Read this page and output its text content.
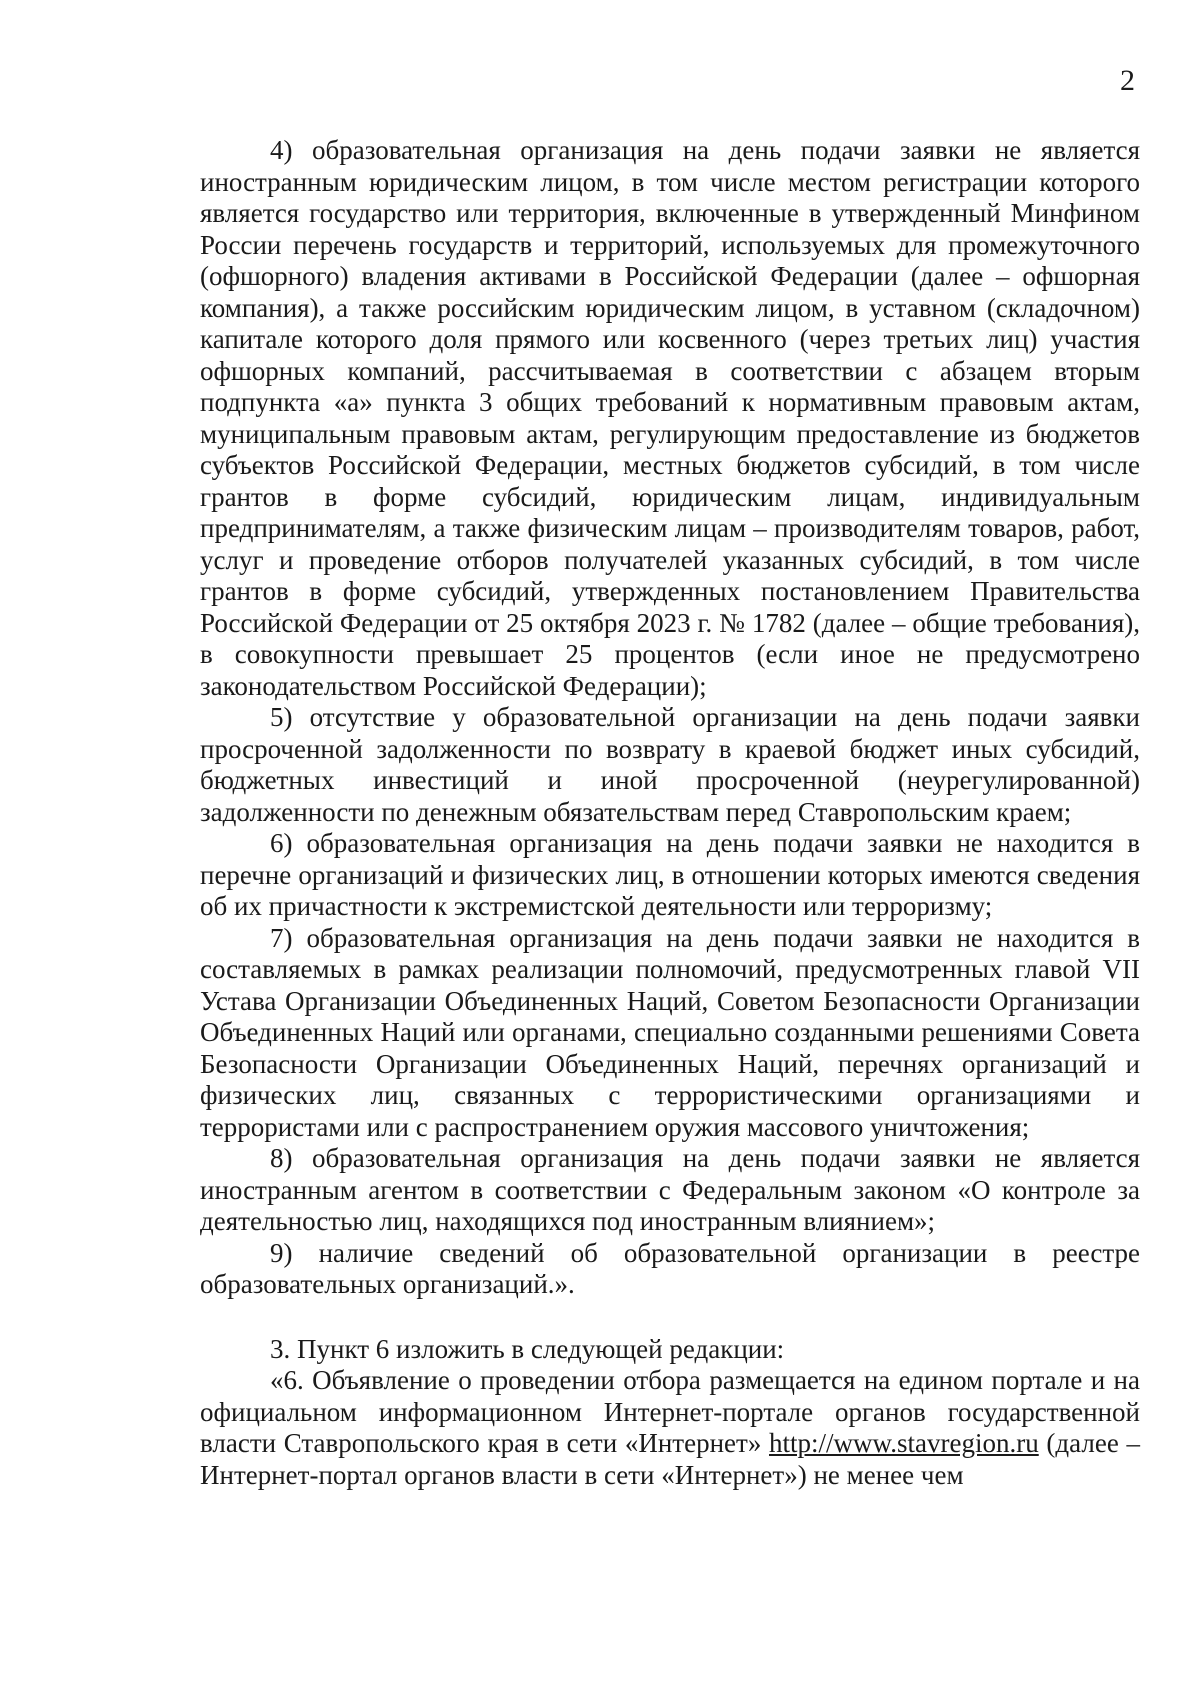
2

4) образовательная организация на день подачи заявки не является иностранным юридическим лицом, в том числе местом регистрации которого является государство или территория, включенные в утвержденный Минфином России перечень государств и территорий, используемых для промежуточного (офшорного) владения активами в Российской Федерации (далее – офшорная компания), а также российским юридическим лицом, в уставном (складочном) капитале которого доля прямого или косвенного (через третьих лиц) участия офшорных компаний, рассчитываемая в соответствии с абзацем вторым подпункта «а» пункта 3 общих требований к нормативным правовым актам, муниципальным правовым актам, регулирующим предоставление из бюджетов субъектов Российской Федерации, местных бюджетов субсидий, в том числе грантов в форме субсидий, юридическим лицам, индивидуальным предпринимателям, а также физическим лицам – производителям товаров, работ, услуг и проведение отборов получателей указанных субсидий, в том числе грантов в форме субсидий, утвержденных постановлением Правительства Российской Федерации от 25 октября 2023 г. № 1782 (далее – общие требования), в совокупности превышает 25 процентов (если иное не предусмотрено законодательством Российской Федерации);

5) отсутствие у образовательной организации на день подачи заявки просроченной задолженности по возврату в краевой бюджет иных субсидий, бюджетных инвестиций и иной просроченной (неурегулированной) задолженности по денежным обязательствам перед Ставропольским краем;

6) образовательная организация на день подачи заявки не находится в перечне организаций и физических лиц, в отношении которых имеются сведения об их причастности к экстремистской деятельности или терроризму;

7) образовательная организация на день подачи заявки не находится в составляемых в рамках реализации полномочий, предусмотренных главой VII Устава Организации Объединенных Наций, Советом Безопасности Организации Объединенных Наций или органами, специально созданными решениями Совета Безопасности Организации Объединенных Наций, перечнях организаций и физических лиц, связанных с террористическими организациями и террористами или с распространением оружия массового уничтожения;

8) образовательная организация на день подачи заявки не является иностранным агентом в соответствии с Федеральным законом «О контроле за деятельностью лиц, находящихся под иностранным влиянием»;

9) наличие сведений об образовательной организации в реестре образовательных организаций.».

3. Пункт 6 изложить в следующей редакции:

«6. Объявление о проведении отбора размещается на едином портале и на официальном информационном Интернет-портале органов государственной власти Ставропольского края в сети «Интернет» http://www.stavregion.ru (далее – Интернет-портал органов власти в сети «Интернет») не менее чем
